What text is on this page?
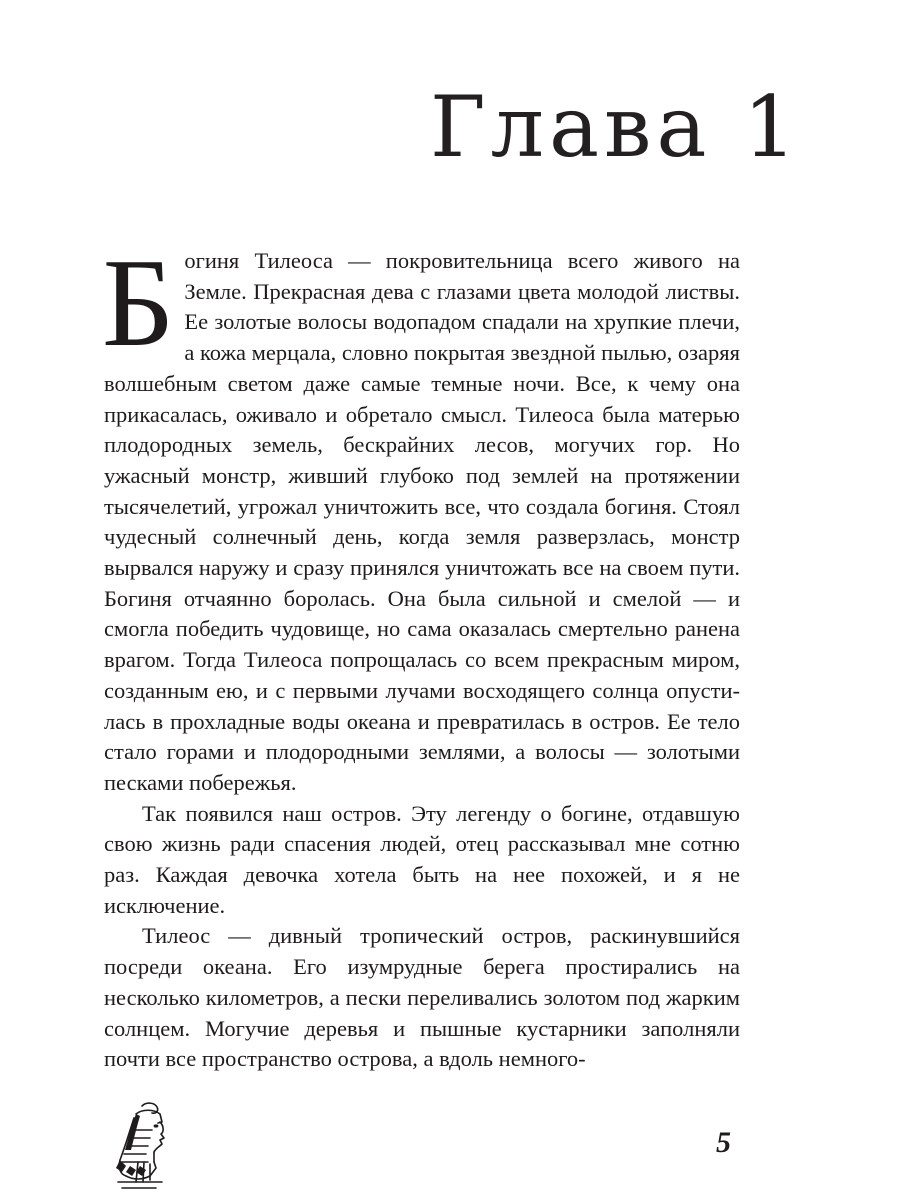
Глава 1

Богиня Тилеоса — покровительница всего живого на Земле. Прекрасная дева с глазами цвета молодой листвы. Ее золотые волосы водопадом спадали на хрупкие плечи, а кожа мерцала, словно покрытая звездной пылью, озаряя волшебным светом даже самые темные ночи. Все, к чему она прикасалась, оживало и обретало смысл. Тилеоса была матерью плодородных земель, бескрайних лесов, могучих гор. Но ужасный монстр, живший глубоко под землей на протяжении тысячелетий, угрожал уничтожить все, что создала богиня. Стоял чудесный солнечный день, когда земля разверзлась, монстр вырвался наружу и сразу принялся уничтожать все на своем пути. Богиня отчаянно боролась. Она была сильной и смелой — и смогла победить чудовище, но сама оказалась смертельно ранена врагом. Тогда Тилеоса попрощалась со всем прекрасным миром, созданным ею, и с первыми лучами восходящего солнца опустилась в прохладные воды океана и превратилась в остров. Ее тело стало горами и плодородными землями, а волосы — золотыми песками побережья.

Так появился наш остров. Эту легенду о богине, отдавшую свою жизнь ради спасения людей, отец рассказывал мне сотню раз. Каждая девочка хотела быть на нее похожей, и я не исключение.

Тилеос — дивный тропический остров, раскинувшийся посреди океана. Его изумрудные берега простирались на несколько километров, а пески переливались золотом под жарким солнцем. Могучие деревья и пышные кустарники заполняли почти все пространство острова, а вдоль немного-

5
